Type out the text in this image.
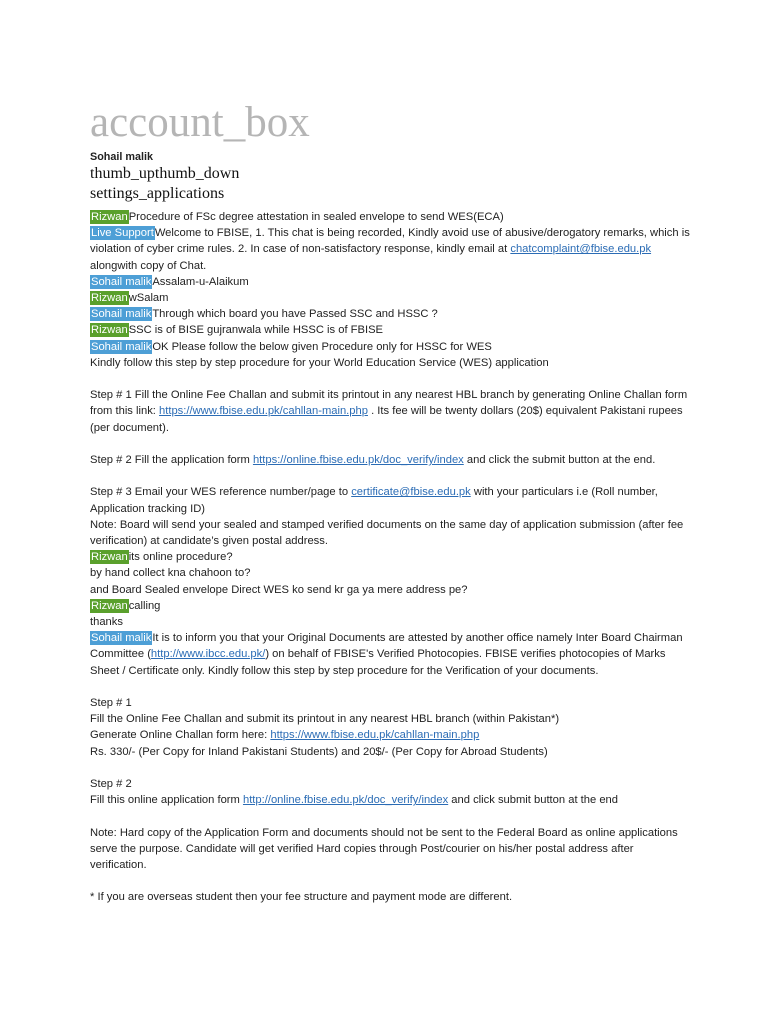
account_box
Sohail malik
thumb_upthumb_down
settings_applications

RizwanProcedure of FSc degree attestation in sealed envelope to send WES(ECA)

Live SupportWelcome to FBISE, 1. This chat is being recorded, Kindly avoid use of abusive/derogatory remarks, which is violation of cyber crime rules. 2. In case of non-satisfactory response, kindly email at chatcomplaint@fbise.edu.pk alongwith copy of Chat.

Sohail malikAssalam-u-Alaikum

RizwanwSalam

Sohail malikThrough which board you have Passed SSC and HSSC ?

RizwanSSC is of BISE gujranwala while HSSC is of FBISE

Sohail malikOK Please follow the below given Procedure only for HSSC for WES

Kindly follow this step by step procedure for your World Education Service (WES) application

Step # 1 Fill the Online Fee Challan and submit its printout in any nearest HBL branch by generating Online Challan form from this link: https://www.fbise.edu.pk/cahllan-main.php . Its fee will be twenty dollars (20$) equivalent Pakistani rupees (per document).

Step # 2 Fill the application form https://online.fbise.edu.pk/doc_verify/index and click the submit button at the end.

Step # 3 Email your WES reference number/page to certificate@fbise.edu.pk with your particulars i.e (Roll number, Application tracking ID)

Note: Board will send your sealed and stamped verified documents on the same day of application submission (after fee verification) at candidate’s given postal address.

Rizwanits online procedure?

by hand collect kna chahoon to?

and Board Sealed envelope Direct WES ko send kr ga ya mere address pe?

Rizwancalling

thanks

Sohail malikIt is to inform you that your Original Documents are attested by another office namely Inter Board Chairman Committee (http://www.ibcc.edu.pk/) on behalf of FBISE's Verified Photocopies. FBISE verifies photocopies of Marks Sheet / Certificate only. Kindly follow this step by step procedure for the Verification of your documents.

Step # 1

Fill the Online Fee Challan and submit its printout in any nearest HBL branch (within Pakistan*)

Generate Online Challan form here: https://www.fbise.edu.pk/cahllan-main.php

Rs. 330/- (Per Copy for Inland Pakistani Students) and 20$/- (Per Copy for Abroad Students)

Step # 2

Fill this online application form http://online.fbise.edu.pk/doc_verify/index and click submit button at the end

Note: Hard copy of the Application Form and documents should not be sent to the Federal Board as online applications serve the purpose. Candidate will get verified Hard copies through Post/courier on his/her postal address after verification.

* If you are overseas student then your fee structure and payment mode are different.
